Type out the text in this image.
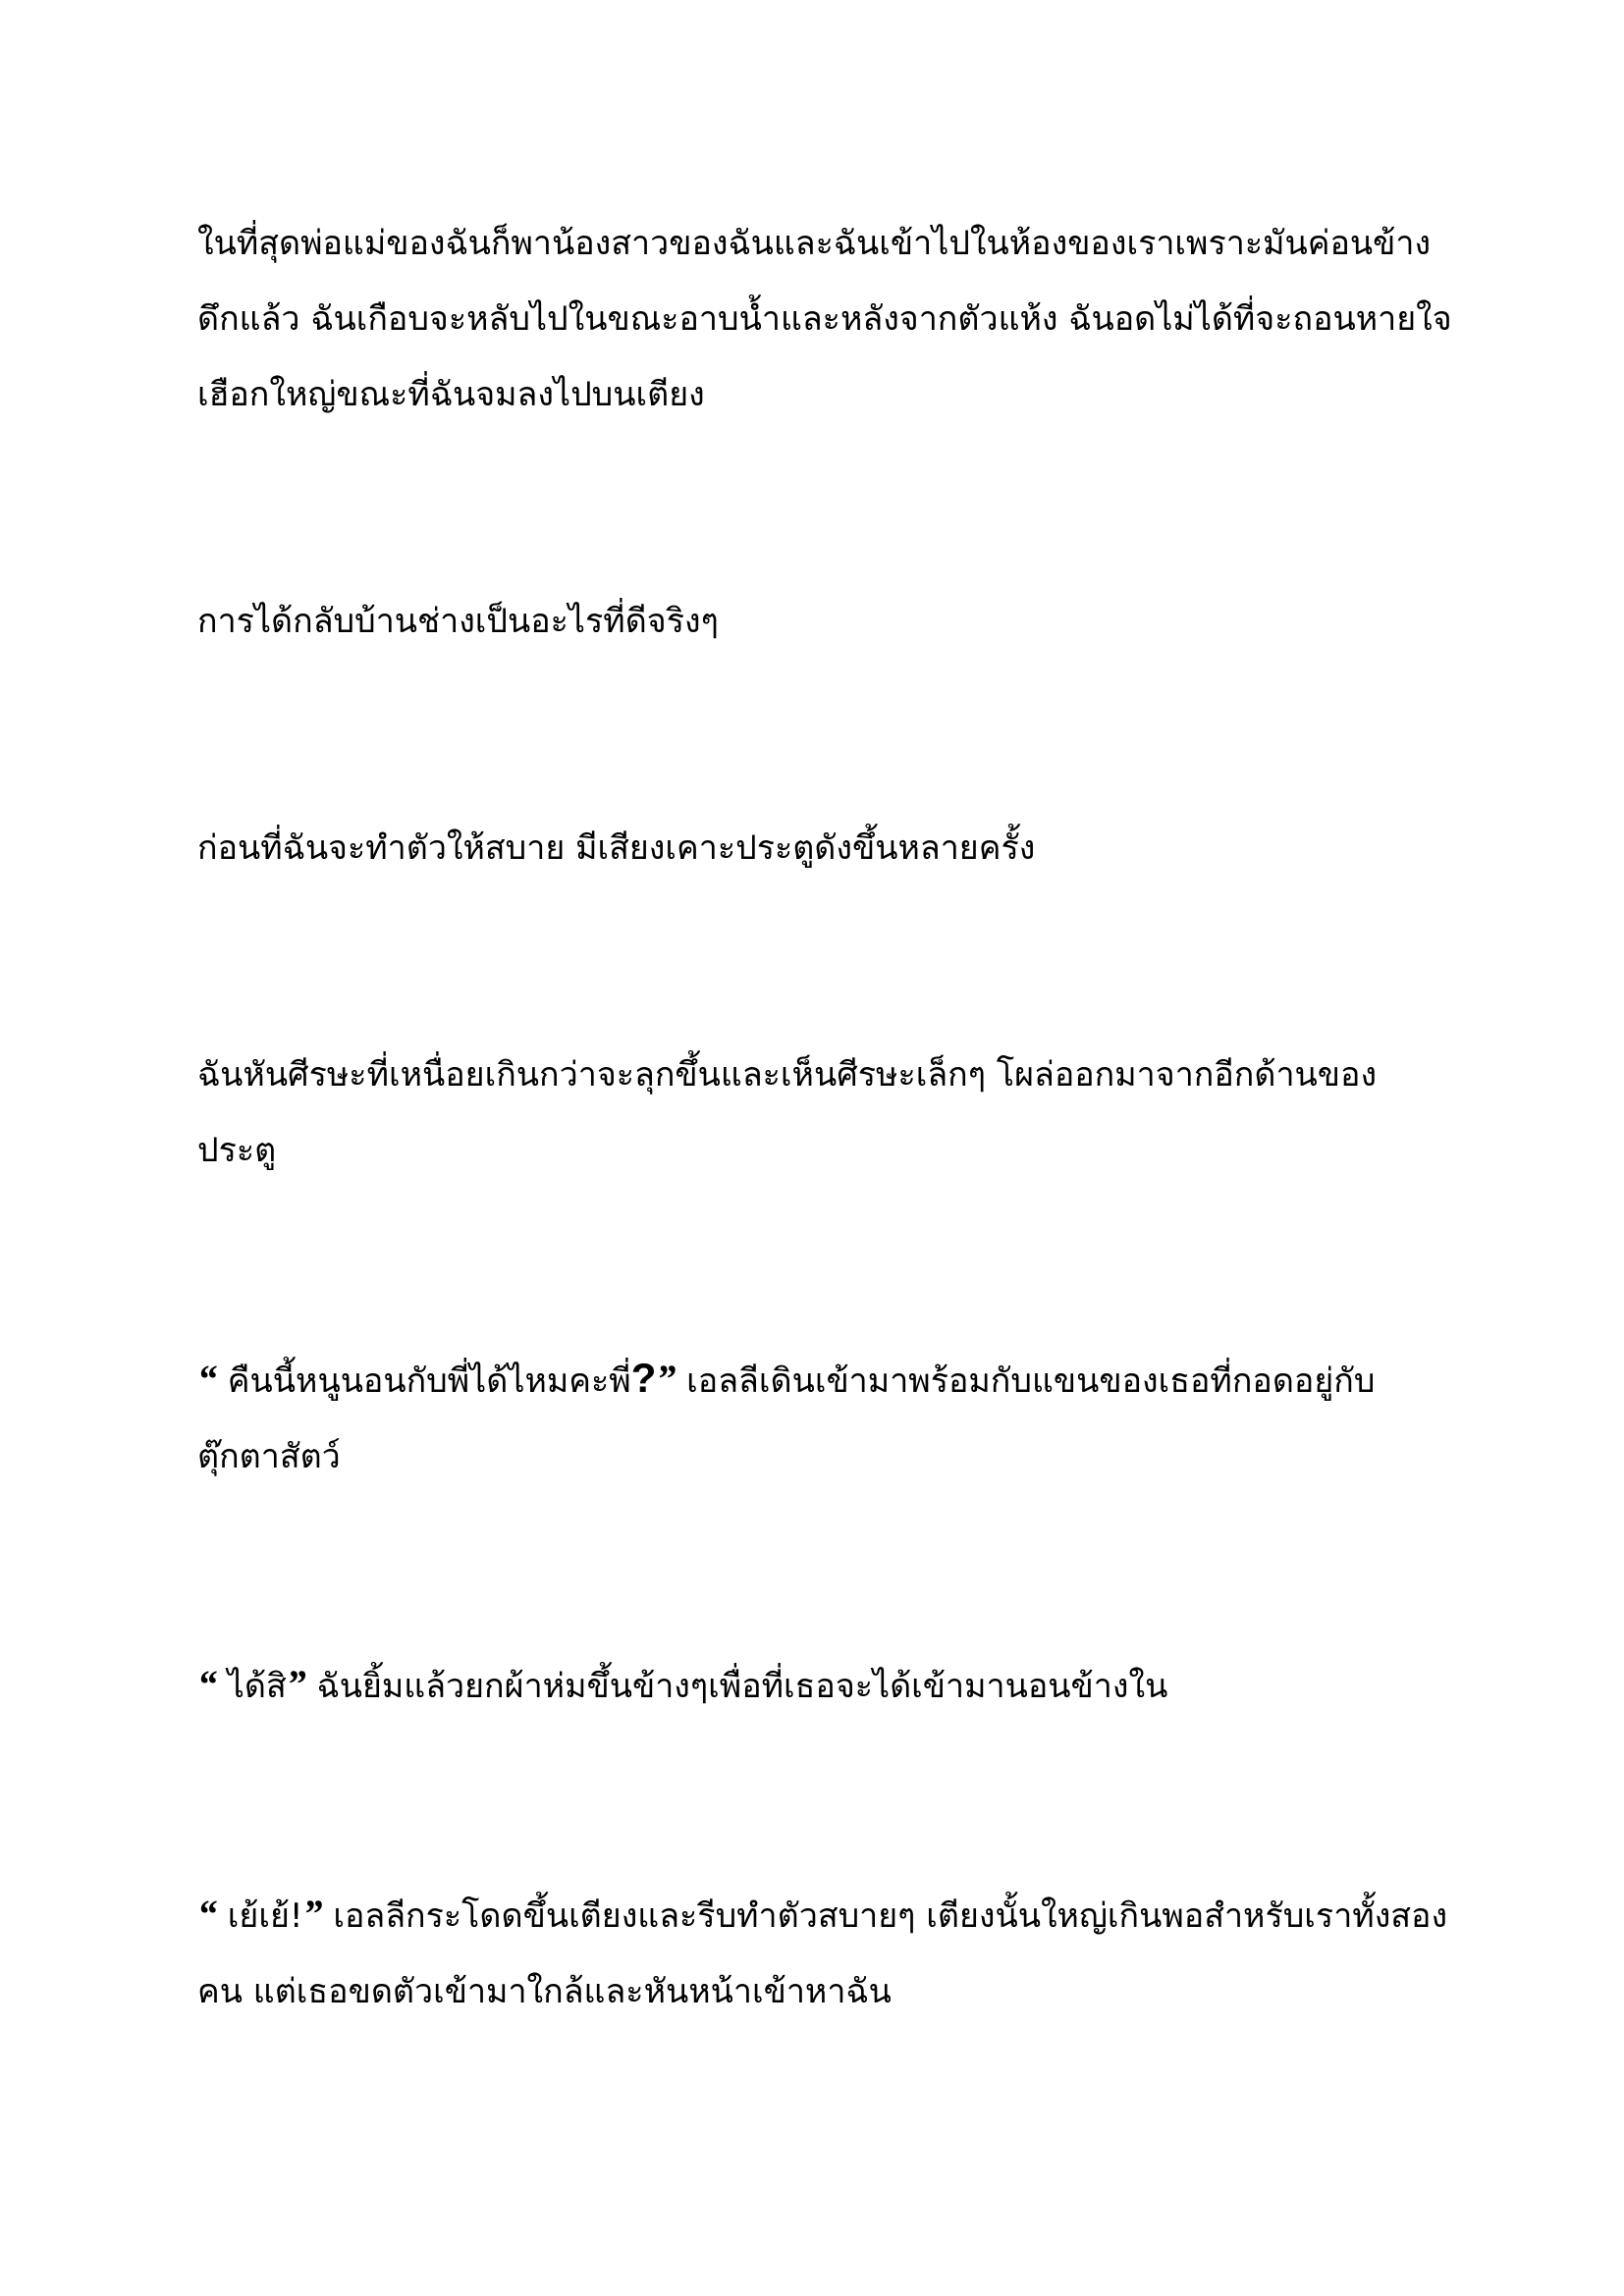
ในที่สุดพ่อแม่ของฉันก็พาน้องสาวของฉันและฉันเข้าไปในห้องของเราเพราะมันค่อนข้างดึกแล้ว ฉันเกือบจะหลับไปในขณะอาบน้ำและหลังจากตัวแห้ง ฉันอดไม่ได้ที่จะถอนหายใจเฮือกใหญ่ขณะที่ฉันจมลงไปบนเตียง

การได้กลับบ้านช่างเป็นอะไรที่ดีจริงๆ

ก่อนที่ฉันจะทำตัวให้สบาย มีเสียงเคาะประตูดังขึ้นหลายครั้ง

ฉันหันศีรษะที่เหนื่อยเกินกว่าจะลุกขึ้นและเห็นศีรษะเล็กๆ โผล่ออกมาจากอีกด้านของประตู

“ คืนนี้หนูนอนกับพี่ได้ไหมคะพี่?” เอลลีเดินเข้ามาพร้อมกับแขนของเธอที่กอดอยู่กับตุ๊กตาสัตว์

“ ได้สิ” ฉันยิ้มแล้วยกผ้าห่มขึ้นข้างๆเพื่อที่เธอจะได้เข้ามานอนข้างใน

“ เย้เย้!” เอลลีกระโดดขึ้นเตียงและรีบทำตัวสบายๆ เตียงนั้นใหญ่เกินพอสำหรับเราทั้งสองคน แต่เธอขดตัวเข้ามาใกล้และหันหน้าเข้าหาฉัน
